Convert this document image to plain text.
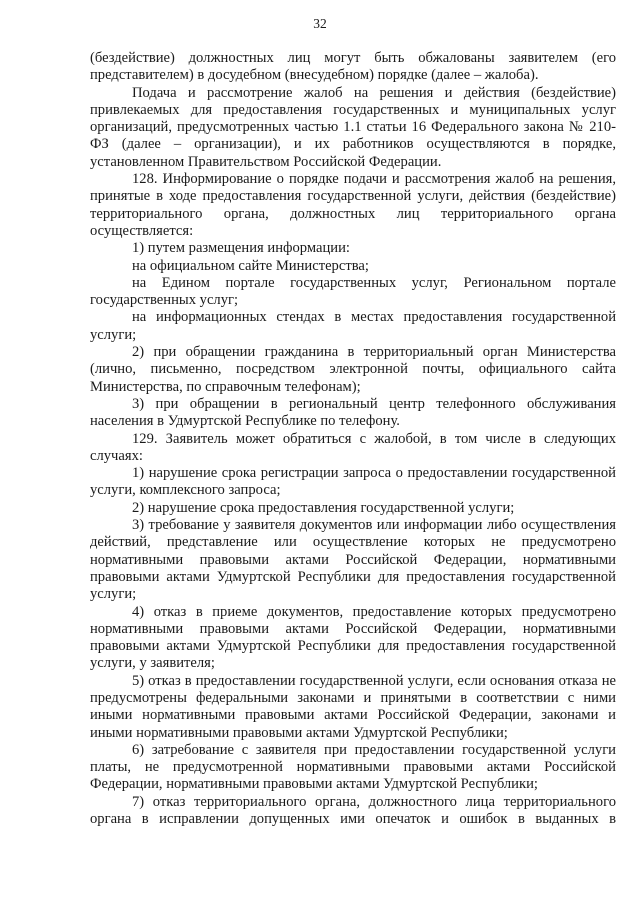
32

(бездействие) должностных лиц могут быть обжалованы заявителем (его представителем) в досудебном (внесудебном) порядке (далее – жалоба).

Подача и рассмотрение жалоб на решения и действия (бездействие) привлекаемых для предоставления государственных и муниципальных услуг организаций, предусмотренных частью 1.1 статьи 16 Федерального закона № 210-ФЗ (далее – организации), и их работников осуществляются в порядке, установленном Правительством Российской Федерации.

128. Информирование о порядке подачи и рассмотрения жалоб на решения, принятые в ходе предоставления государственной услуги, действия (бездействие) территориального органа, должностных лиц территориального органа осуществляется:

1) путем размещения информации:

на официальном сайте Министерства;

на Едином портале государственных услуг, Региональном портале государственных услуг;

на информационных стендах в местах предоставления государственной услуги;

2) при обращении гражданина в территориальный орган Министерства (лично, письменно, посредством электронной почты, официального сайта Министерства, по справочным телефонам);

3) при обращении в региональный центр телефонного обслуживания населения в Удмуртской Республике по телефону.

129. Заявитель может обратиться с жалобой, в том числе в следующих случаях:

1) нарушение срока регистрации запроса о предоставлении государственной услуги, комплексного запроса;

2) нарушение срока предоставления государственной услуги;

3) требование у заявителя документов или информации либо осуществления действий, представление или осуществление которых не предусмотрено нормативными правовыми актами Российской Федерации, нормативными правовыми актами Удмуртской Республики для предоставления государственной услуги;

4) отказ в приеме документов, предоставление которых предусмотрено нормативными правовыми актами Российской Федерации, нормативными правовыми актами Удмуртской Республики для предоставления государственной услуги, у заявителя;

5) отказ в предоставлении государственной услуги, если основания отказа не предусмотрены федеральными законами и принятыми в соответствии с ними иными нормативными правовыми актами Российской Федерации, законами и иными нормативными правовыми актами Удмуртской Республики;

6) затребование с заявителя при предоставлении государственной услуги платы, не предусмотренной нормативными правовыми актами Российской Федерации, нормативными правовыми актами Удмуртской Республики;

7) отказ территориального органа, должностного лица территориального органа в исправлении допущенных ими опечаток и ошибок в выданных в
